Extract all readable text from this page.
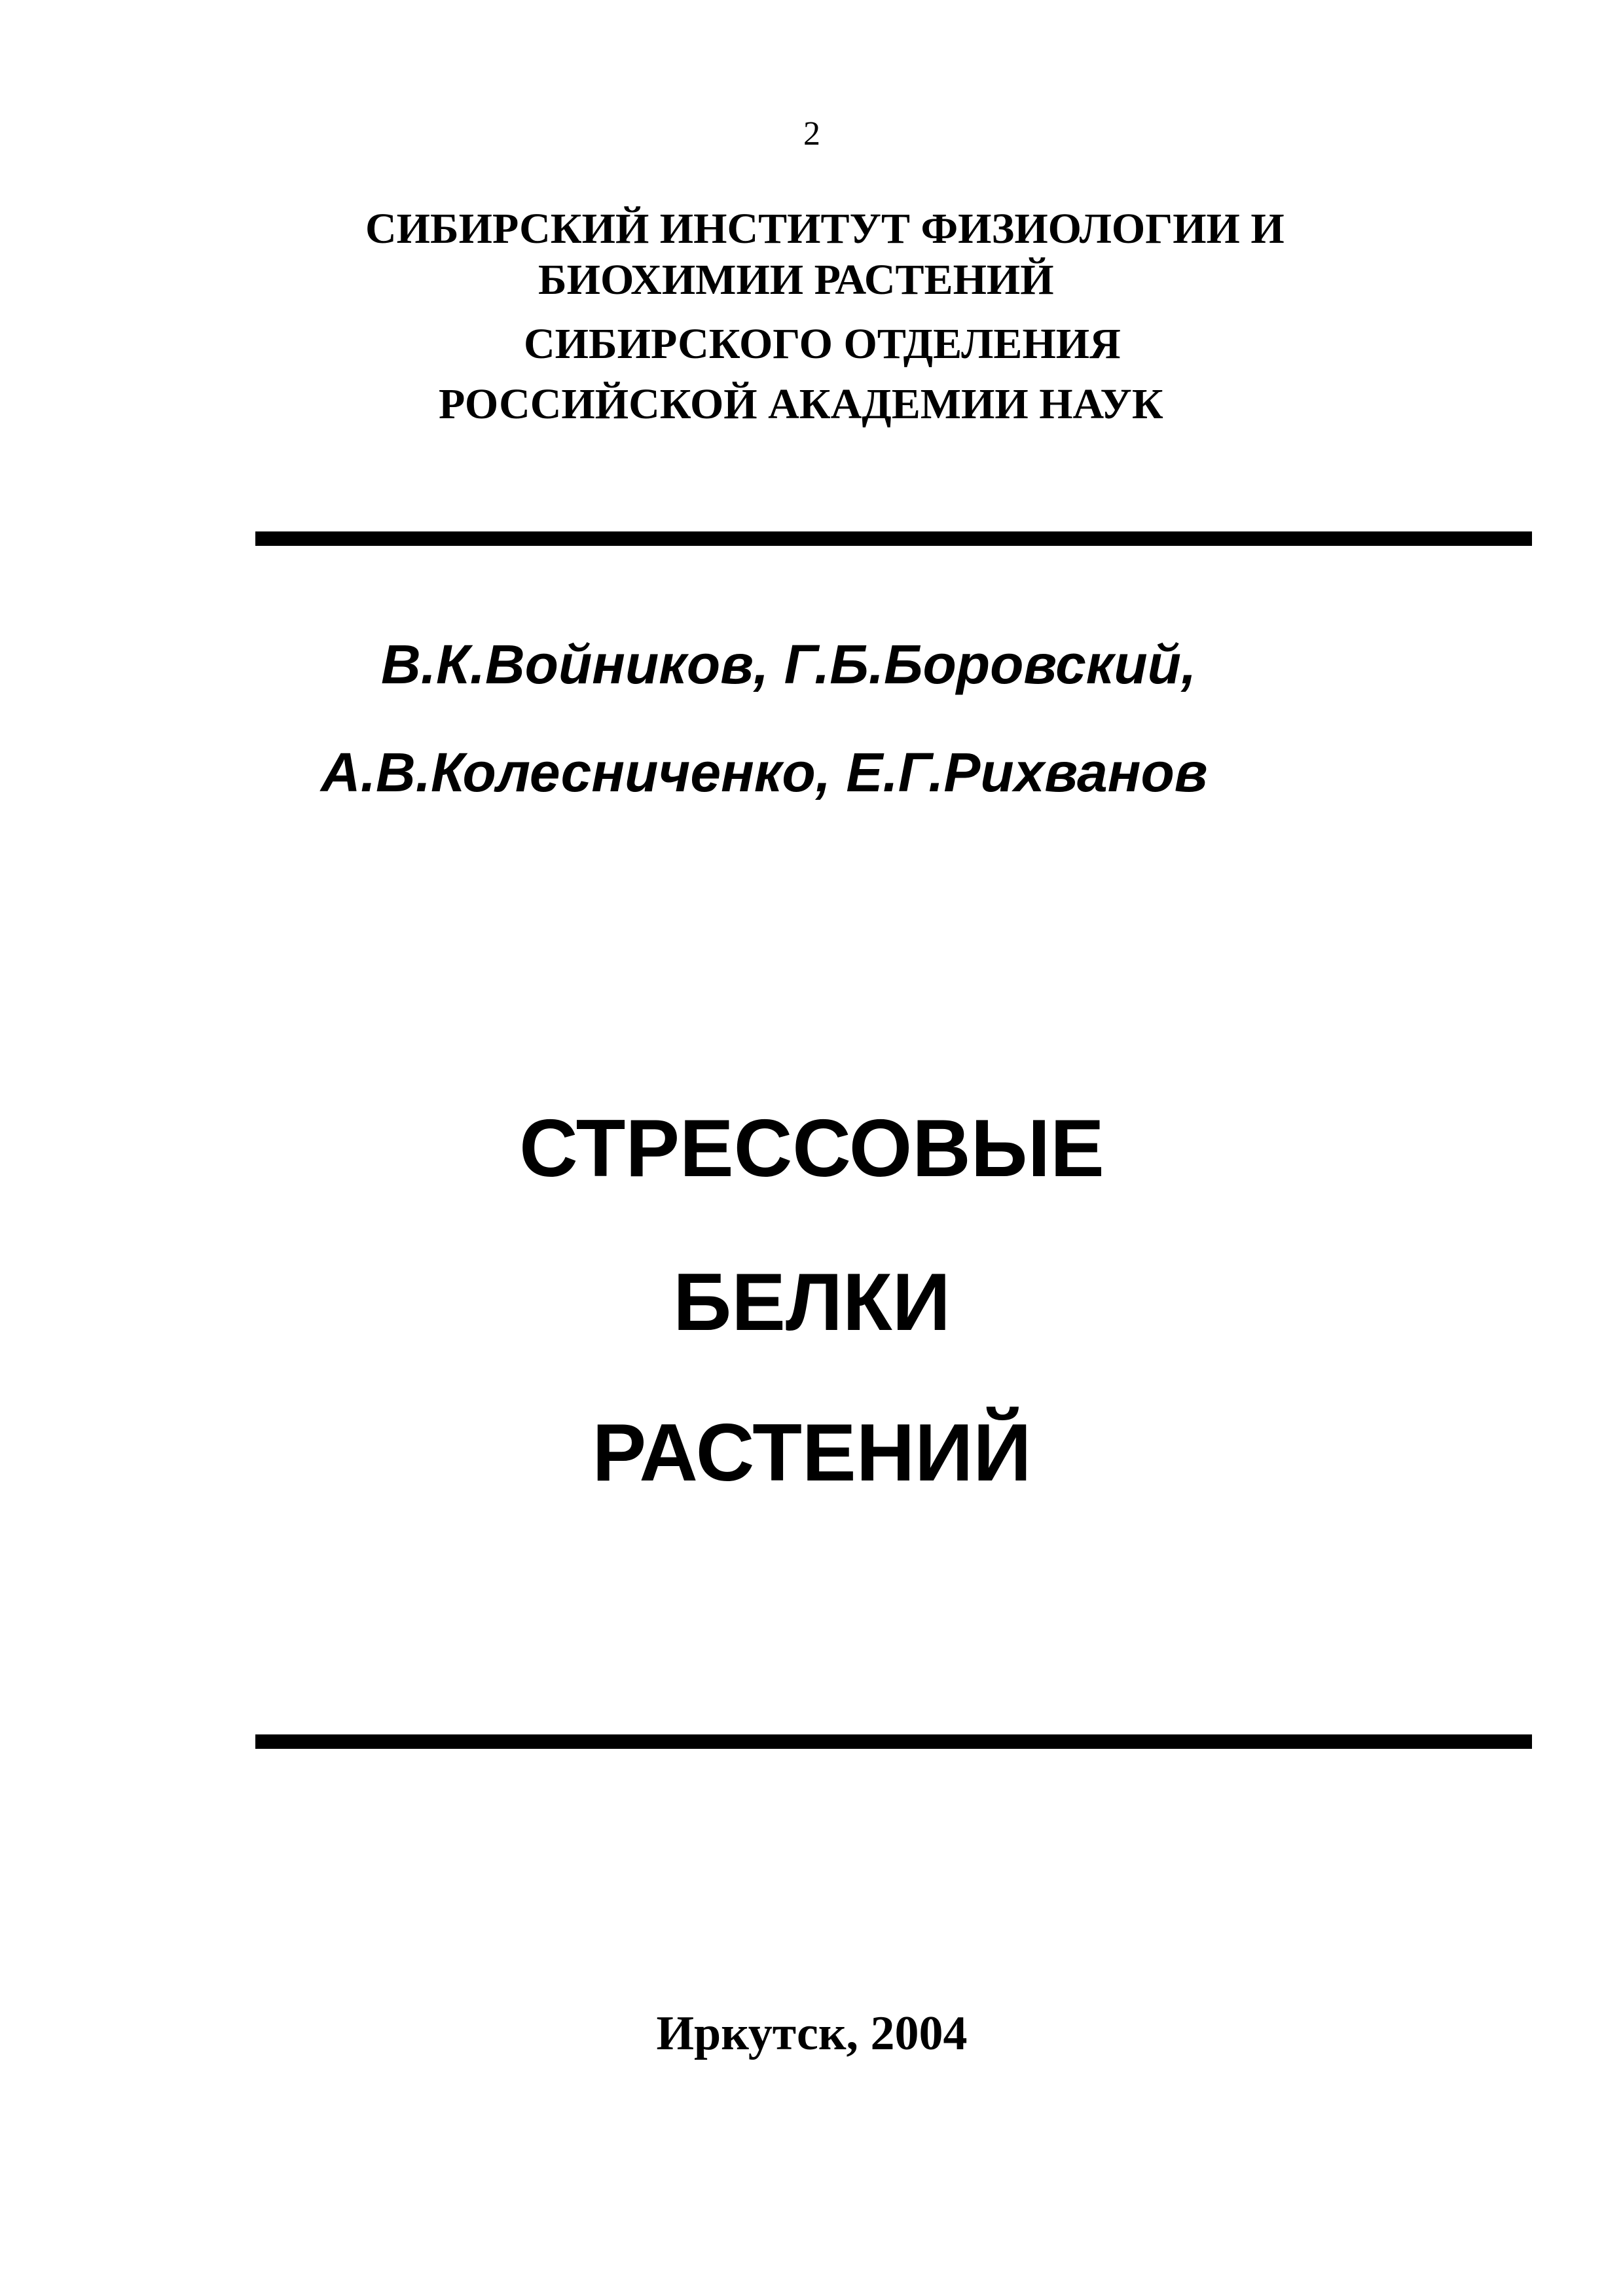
2
СИБИРСКИЙ ИНСТИТУТ ФИЗИОЛОГИИ И
БИОХИМИИ РАСТЕНИЙ
СИБИРСКОГО ОТДЕЛЕНИЯ
РОССИЙСКОЙ АКАДЕМИИ НАУК
В.К.Войников, Г.Б.Боровский,
А.В.Колесниченко, Е.Г.Рихванов
СТРЕССОВЫЕ
БЕЛКИ
РАСТЕНИЙ
Иркутск, 2004
